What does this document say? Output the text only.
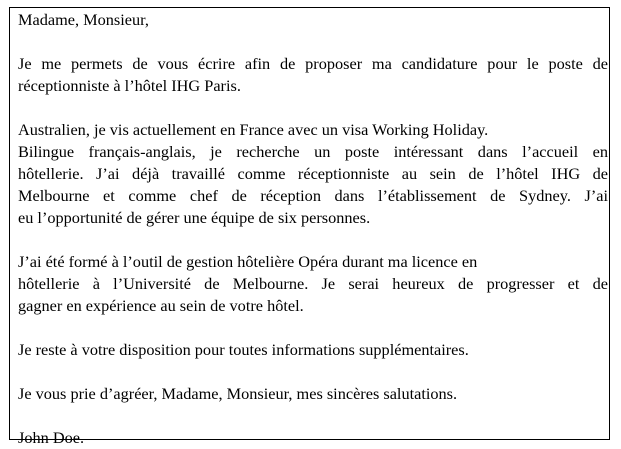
Madame, Monsieur,
Je me permets de vous écrire afin de proposer ma candidature pour le poste de
réceptionniste à l’hôtel IHG Paris.
Australien, je vis actuellement en France avec un visa Working Holiday.
Bilingue français-anglais, je recherche un poste intéressant dans l’accueil en
hôtellerie. J’ai déjà travaillé comme réceptionniste au sein de l’hôtel IHG de
Melbourne et comme chef de réception dans l’établissement de Sydney. J’ai
eu l’opportunité de gérer une équipe de six personnes.
J’ai été formé à l’outil de gestion hôtelière Opéra durant ma licence en
hôtellerie à l’Université de Melbourne. Je serai heureux de progresser et de
gagner en expérience au sein de votre hôtel.
Je reste à votre disposition pour toutes informations supplémentaires.
Je vous prie d’agréer, Madame, Monsieur, mes sincères salutations.
John Doe.
